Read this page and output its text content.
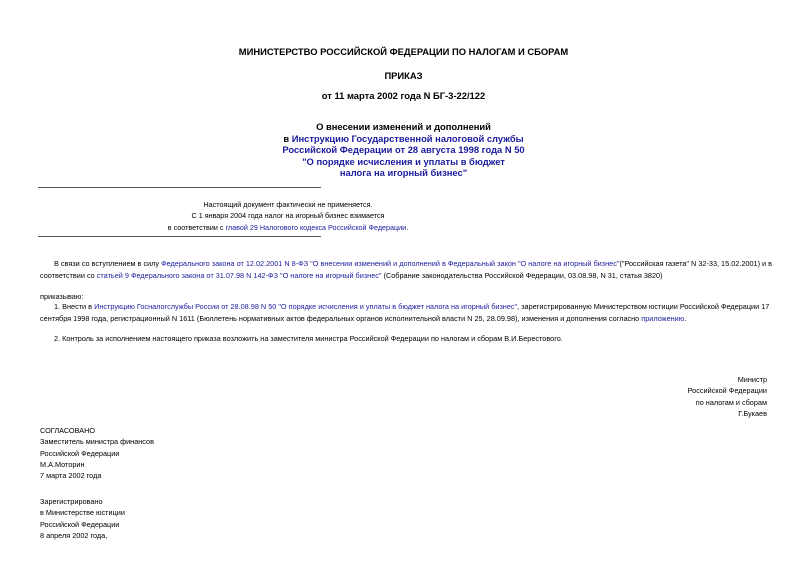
МИНИСТЕРСТВО РОССИЙСКОЙ ФЕДЕРАЦИИ ПО НАЛОГАМ И СБОРАМ
ПРИКАЗ
от 11 марта 2002 года N БГ-3-22/122
О внесении изменений и дополнений
в Инструкцию Государственной налоговой службы
Российской Федерации от 28 августа 1998 года N 50
"О порядке исчисления и уплаты в бюджет
налога на игорный бизнес"
Настоящий документ фактически не применяется.
С 1 января 2004 года налог на игорный бизнес взимается
в соответствии с главой 29 Налогового кодекса Российской Федерации.
В связи со вступлением в силу Федерального закона от 12.02.2001 N 8-ФЗ "О внесении изменений и дополнений в Федеральный закон "О налоге на игорный бизнес"("Российская газета" N 32-33, 15.02.2001) и в
соответствии со статьей 9 Федерального закона от 31.07.98 N 142-ФЗ "О налоге на игорный бизнес" (Собрание законодательства Российской Федерации, 03.08.98, N 31, статья 3820)
приказываю:
1. Внести в Инструкцию Госналогслужбы России от 28.08.98 N 50 "О порядке исчисления и уплаты в бюджет налога на игорный бизнес", зарегистрированную Министерством юстиции Российской Федерации 17
сентября 1998 года, регистрационный N 1611 (Бюллетень нормативных актов федеральных органов исполнительной власти N 25, 28.09.98), изменения и дополнения согласно приложению.
2. Контроль за исполнением настоящего приказа возложить на заместителя министра Российской Федерации по налогам и сборам В.И.Берестового.
Министр
Российской Федерации
по налогам и сборам
Г.Букаев
СОГЛАСОВАНО
Заместитель министра финансов
Российской Федерации
М.А.Моторин
7 марта 2002 года
Зарегистрировано
в Министерстве юстиции
Российской Федерации
8 апреля 2002 года,
